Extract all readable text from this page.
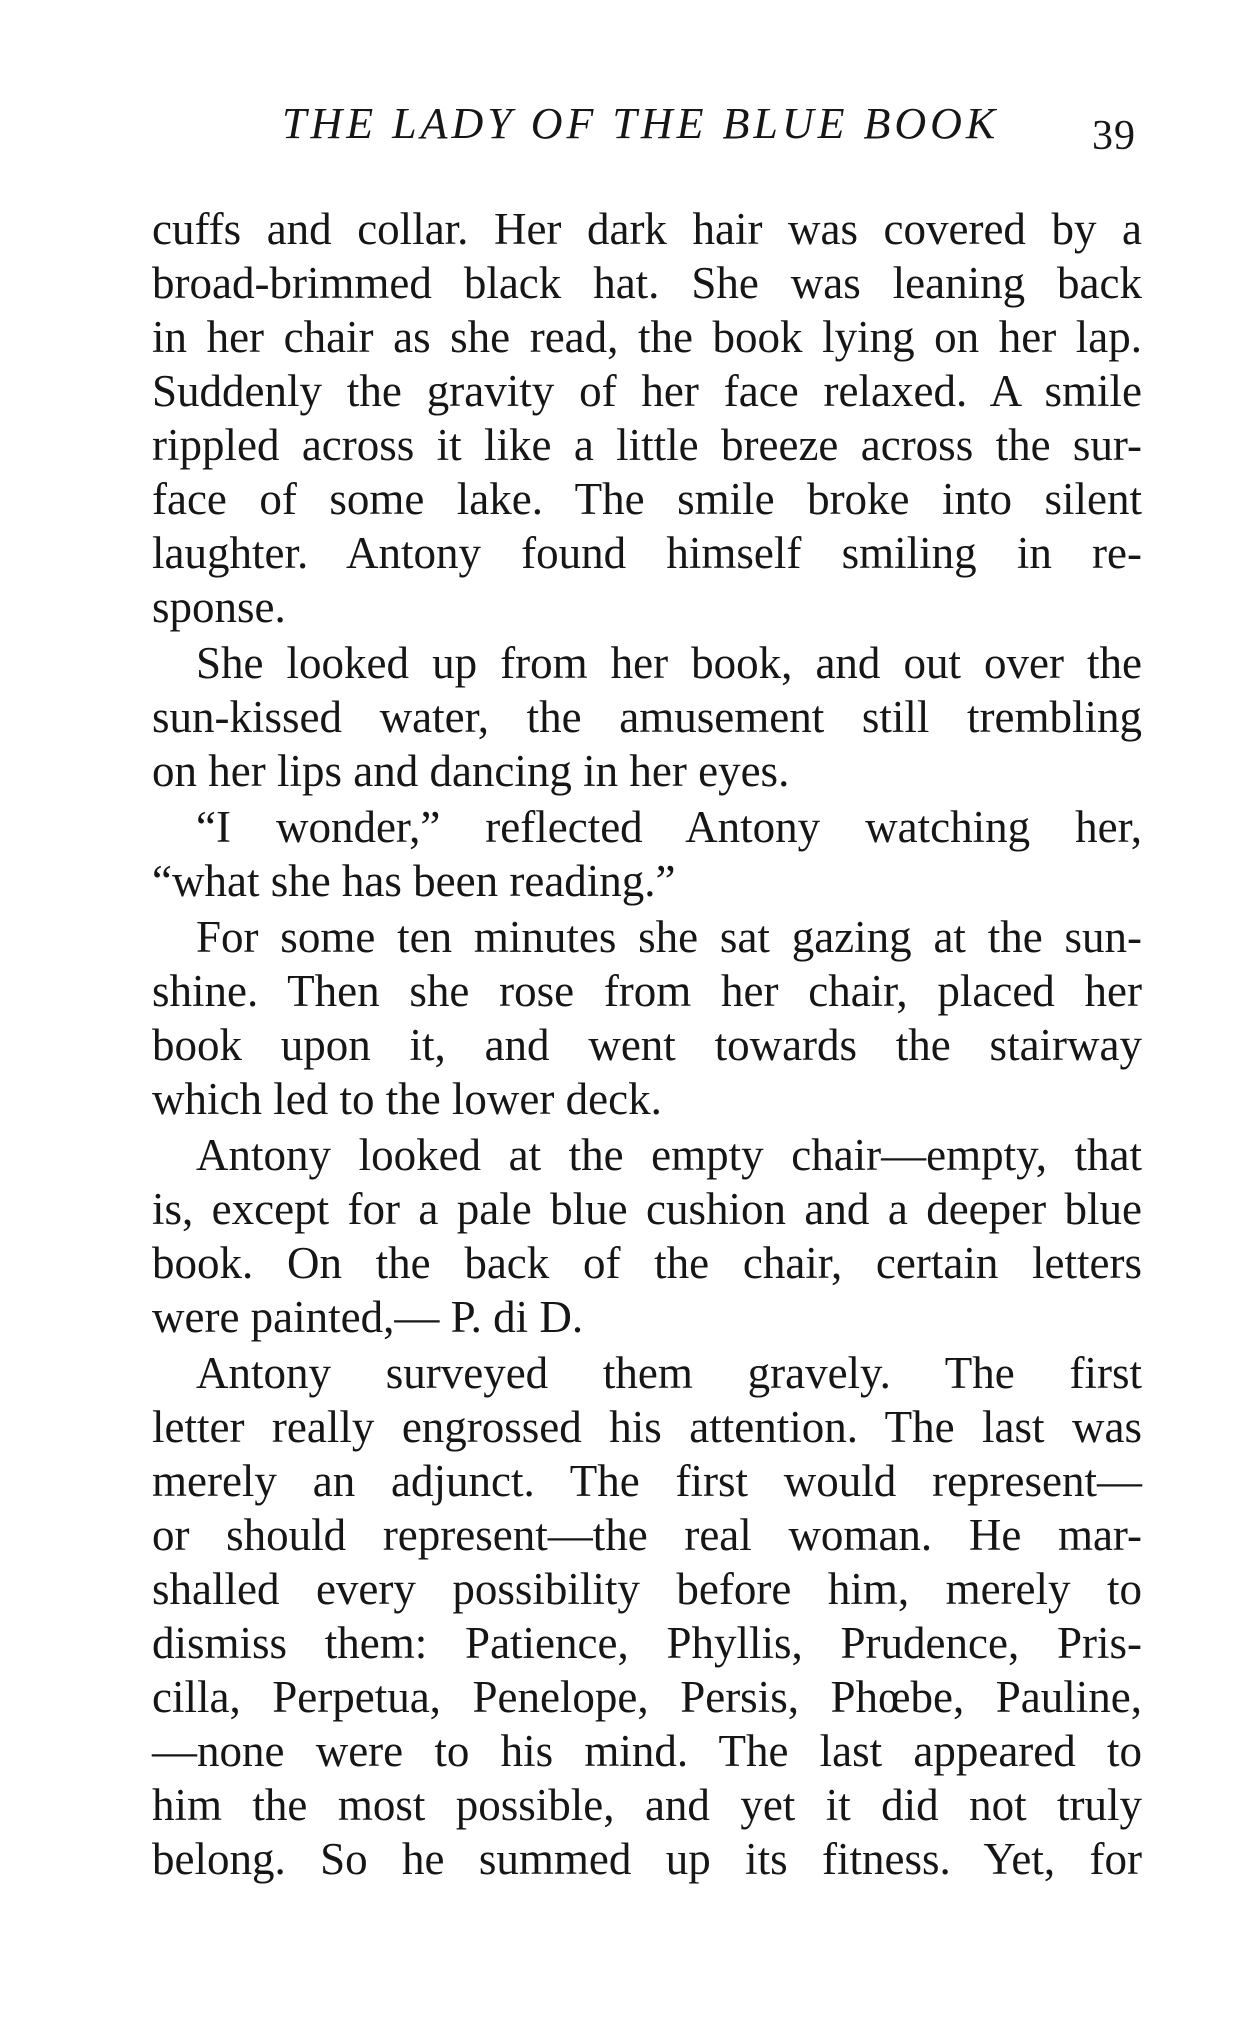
THE LADY OF THE BLUE BOOK 39
cuffs and collar. Her dark hair was covered by a
broad-brimmed black hat. She was leaning back
in her chair as she read, the book lying on her lap.
Suddenly the gravity of her face relaxed. A smile
rippled across it like a little breeze across the sur-
face of some lake. The smile broke into silent
laughter. Antony found himself smiling in re-
sponse.
She looked up from her book, and out over the
sun-kissed water, the amusement still trembling
on her lips and dancing in her eyes.
“I wonder,” reflected Antony watching her,
“what she has been reading.”
For some ten minutes she sat gazing at the sun-
shine. Then she rose from her chair, placed her
book upon it, and went towards the stairway
which led to the lower deck.
Antony looked at the empty chair—empty, that
is, except for a pale blue cushion and a deeper blue
book. On the back of the chair, certain letters
were painted,— P. di D.
Antony surveyed them gravely. The first
letter really engrossed his attention. The last was
merely an adjunct. The first would represent—
or should represent—the real woman. He mar-
shalled every possibility before him, merely to
dismiss them: Patience, Phyllis, Prudence, Pris-
cilla, Perpetua, Penelope, Persis, Phœbe, Pauline,
—none were to his mind. The last appeared to
him the most possible, and yet it did not truly
belong. So he summed up its fitness. Yet, for
